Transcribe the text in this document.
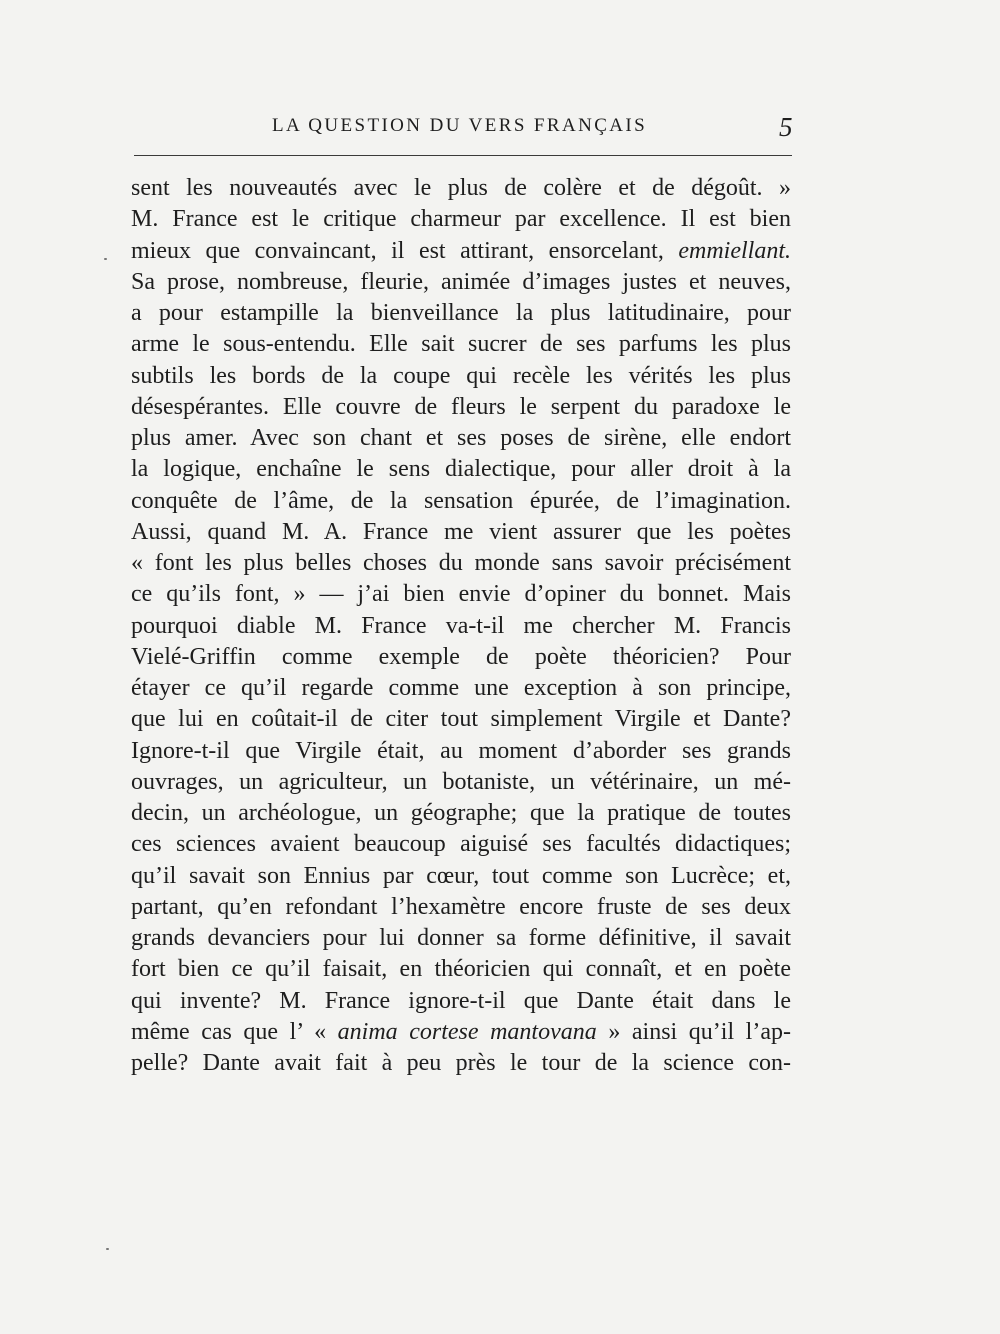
LA QUESTION DU VERS FRANÇAIS	5
sent les nouveautés avec le plus de colère et de dégoût. »
M. France est le critique charmeur par excellence. Il est bien
mieux que convaincant, il est attirant, ensorcelant, emmiellant.
Sa prose, nombreuse, fleurie, animée d’images justes et neuves,
a pour estampille la bienveillance la plus latitudinaire, pour
arme le sous-entendu. Elle sait sucrer de ses parfums les plus
subtils les bords de la coupe qui recèle les vérités les plus
désespérantes. Elle couvre de fleurs le serpent du paradoxe le
plus amer. Avec son chant et ses poses de sirène, elle endort
la logique, enchaîne le sens dialectique, pour aller droit à la
conquête de l’âme, de la sensation épurée, de l’imagination.
Aussi, quand M. A. France me vient assurer que les poètes
« font les plus belles choses du monde sans savoir précisément
ce qu’ils font, » — j’ai bien envie d’opiner du bonnet. Mais
pourquoi diable M. France va-t-il me chercher M. Francis
Vielé-Griffin comme exemple de poète théoricien? Pour
étayer ce qu’il regarde comme une exception à son principe,
que lui en coûtait-il de citer tout simplement Virgile et Dante?
Ignore-t-il que Virgile était, au moment d’aborder ses grands
ouvrages, un agriculteur, un botaniste, un vétérinaire, un mé-
decin, un archéologue, un géographe; que la pratique de toutes
ces sciences avaient beaucoup aiguisé ses facultés didactiques;
qu’il savait son Ennius par cœur, tout comme son Lucrèce; et,
partant, qu’en refondant l’hexamètre encore fruste de ses deux
grands devanciers pour lui donner sa forme définitive, il savait
fort bien ce qu’il faisait, en théoricien qui connaît, et en poète
qui invente? M. France ignore-t-il que Dante était dans le
même cas que l’ « anima cortese mantovana » ainsi qu’il l’ap-
pelle? Dante avait fait à peu près le tour de la science con-
